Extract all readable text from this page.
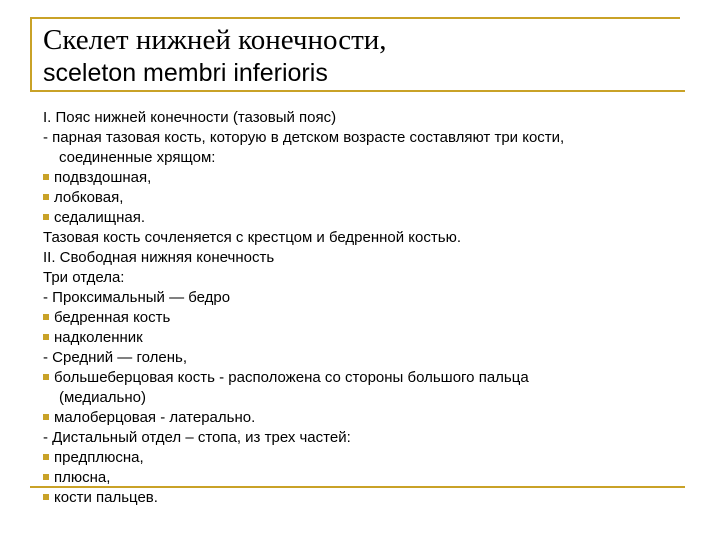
Скелет нижней конечности,
sceleton membri inferioris
I. Пояс нижней конечности (тазовый пояс)
- парная тазовая кость, которую в детском возрасте составляют три кости,
соединенные хрящом:
подвздошная,
лобковая,
седалищная.
Тазовая кость сочленяется с крестцом и бедренной костью.
II. Свободная нижняя конечность
Три отдела:
- Проксимальный — бедро
бедренная кость
надколенник
- Средний — голень,
большеберцовая кость - расположена со стороны большого пальца
(медиально)
малоберцовая - латерально.
- Дистальный отдел – стопа, из трех частей:
предплюсна,
плюсна,
кости пальцев.
